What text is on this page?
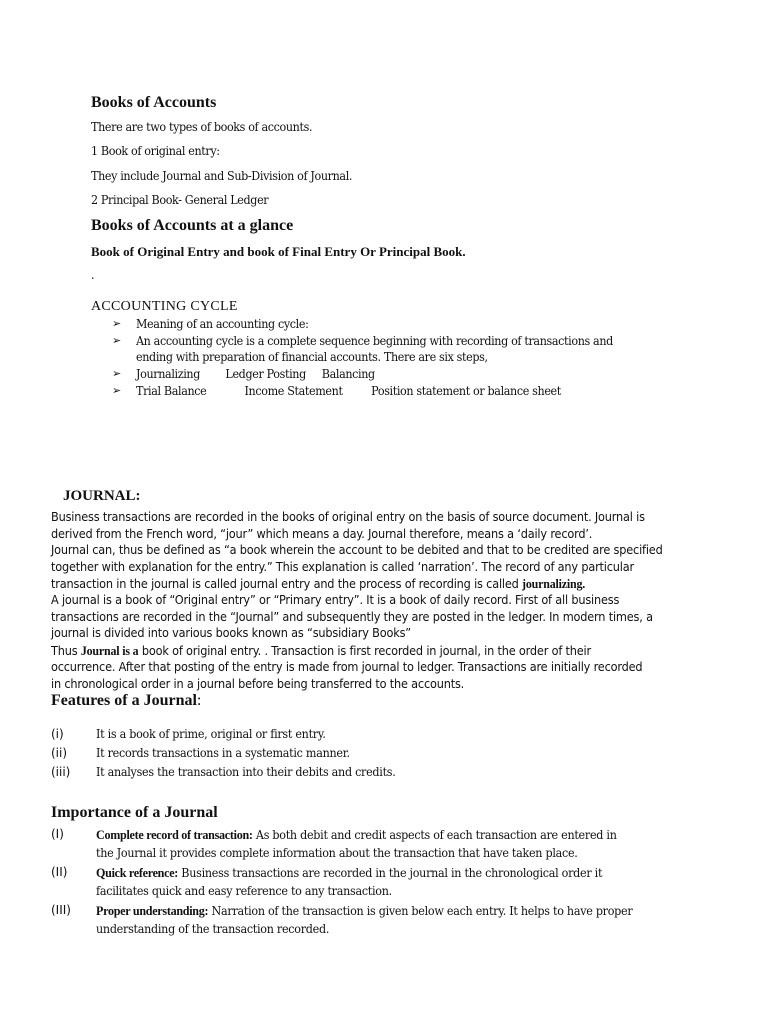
Books of Accounts
There are two types of books of accounts.
1 Book of original entry:
They include Journal and Sub-Division of Journal.
2 Principal Book- General Ledger
Books of Accounts at a glance
Book of Original Entry and book of Final Entry Or Principal Book.
.
ACCOUNTING CYCLE
➢ Meaning of an accounting cycle:
➢ An accounting cycle is a complete sequence beginning with recording of transactions and
ending with preparation of financial accounts. There are six steps,
➢ Journalizing        Ledger Posting     Balancing
➢ Trial Balance            Income Statement         Position statement or balance sheet
JOURNAL:
Business transactions are recorded in the books of original entry on the basis of source document. Journal is
derived from the French word, “jour” which means a day. Journal therefore, means a ‘daily record’.
Journal can, thus be defined as “a book wherein the account to be debited and that to be credited are specified
together with explanation for the entry.” This explanation is called ‘narration’. The record of any particular
transaction in the journal is called journal entry and the process of recording is called journalizing.
A journal is a book of “Original entry” or “Primary entry”. It is a book of daily record. First of all business
transactions are recorded in the “Journal” and subsequently they are posted in the ledger. In modern times, a
journal is divided into various books known as “subsidiary Books”
Thus Journal is a book of original entry. . Transaction is first recorded in journal, in the order of their
occurrence. After that posting of the entry is made from journal to ledger. Transactions are initially recorded
in chronological order in a journal before being transferred to the accounts.
Features of a Journal:
(i)	It is a book of prime, original or first entry.
(ii) It records transactions in a systematic manner.
(iii) It analyses the transaction into their debits and credits.
Importance of a Journal
(I) Complete record of transaction: As both debit and credit aspects of each transaction are entered in
the Journal it provides complete information about the transaction that have taken place.
(II) Quick reference: Business transactions are recorded in the journal in the chronological order it
facilitates quick and easy reference to any transaction.
(III) Proper understanding: Narration of the transaction is given below each entry. It helps to have proper
understanding of the transaction recorded.
